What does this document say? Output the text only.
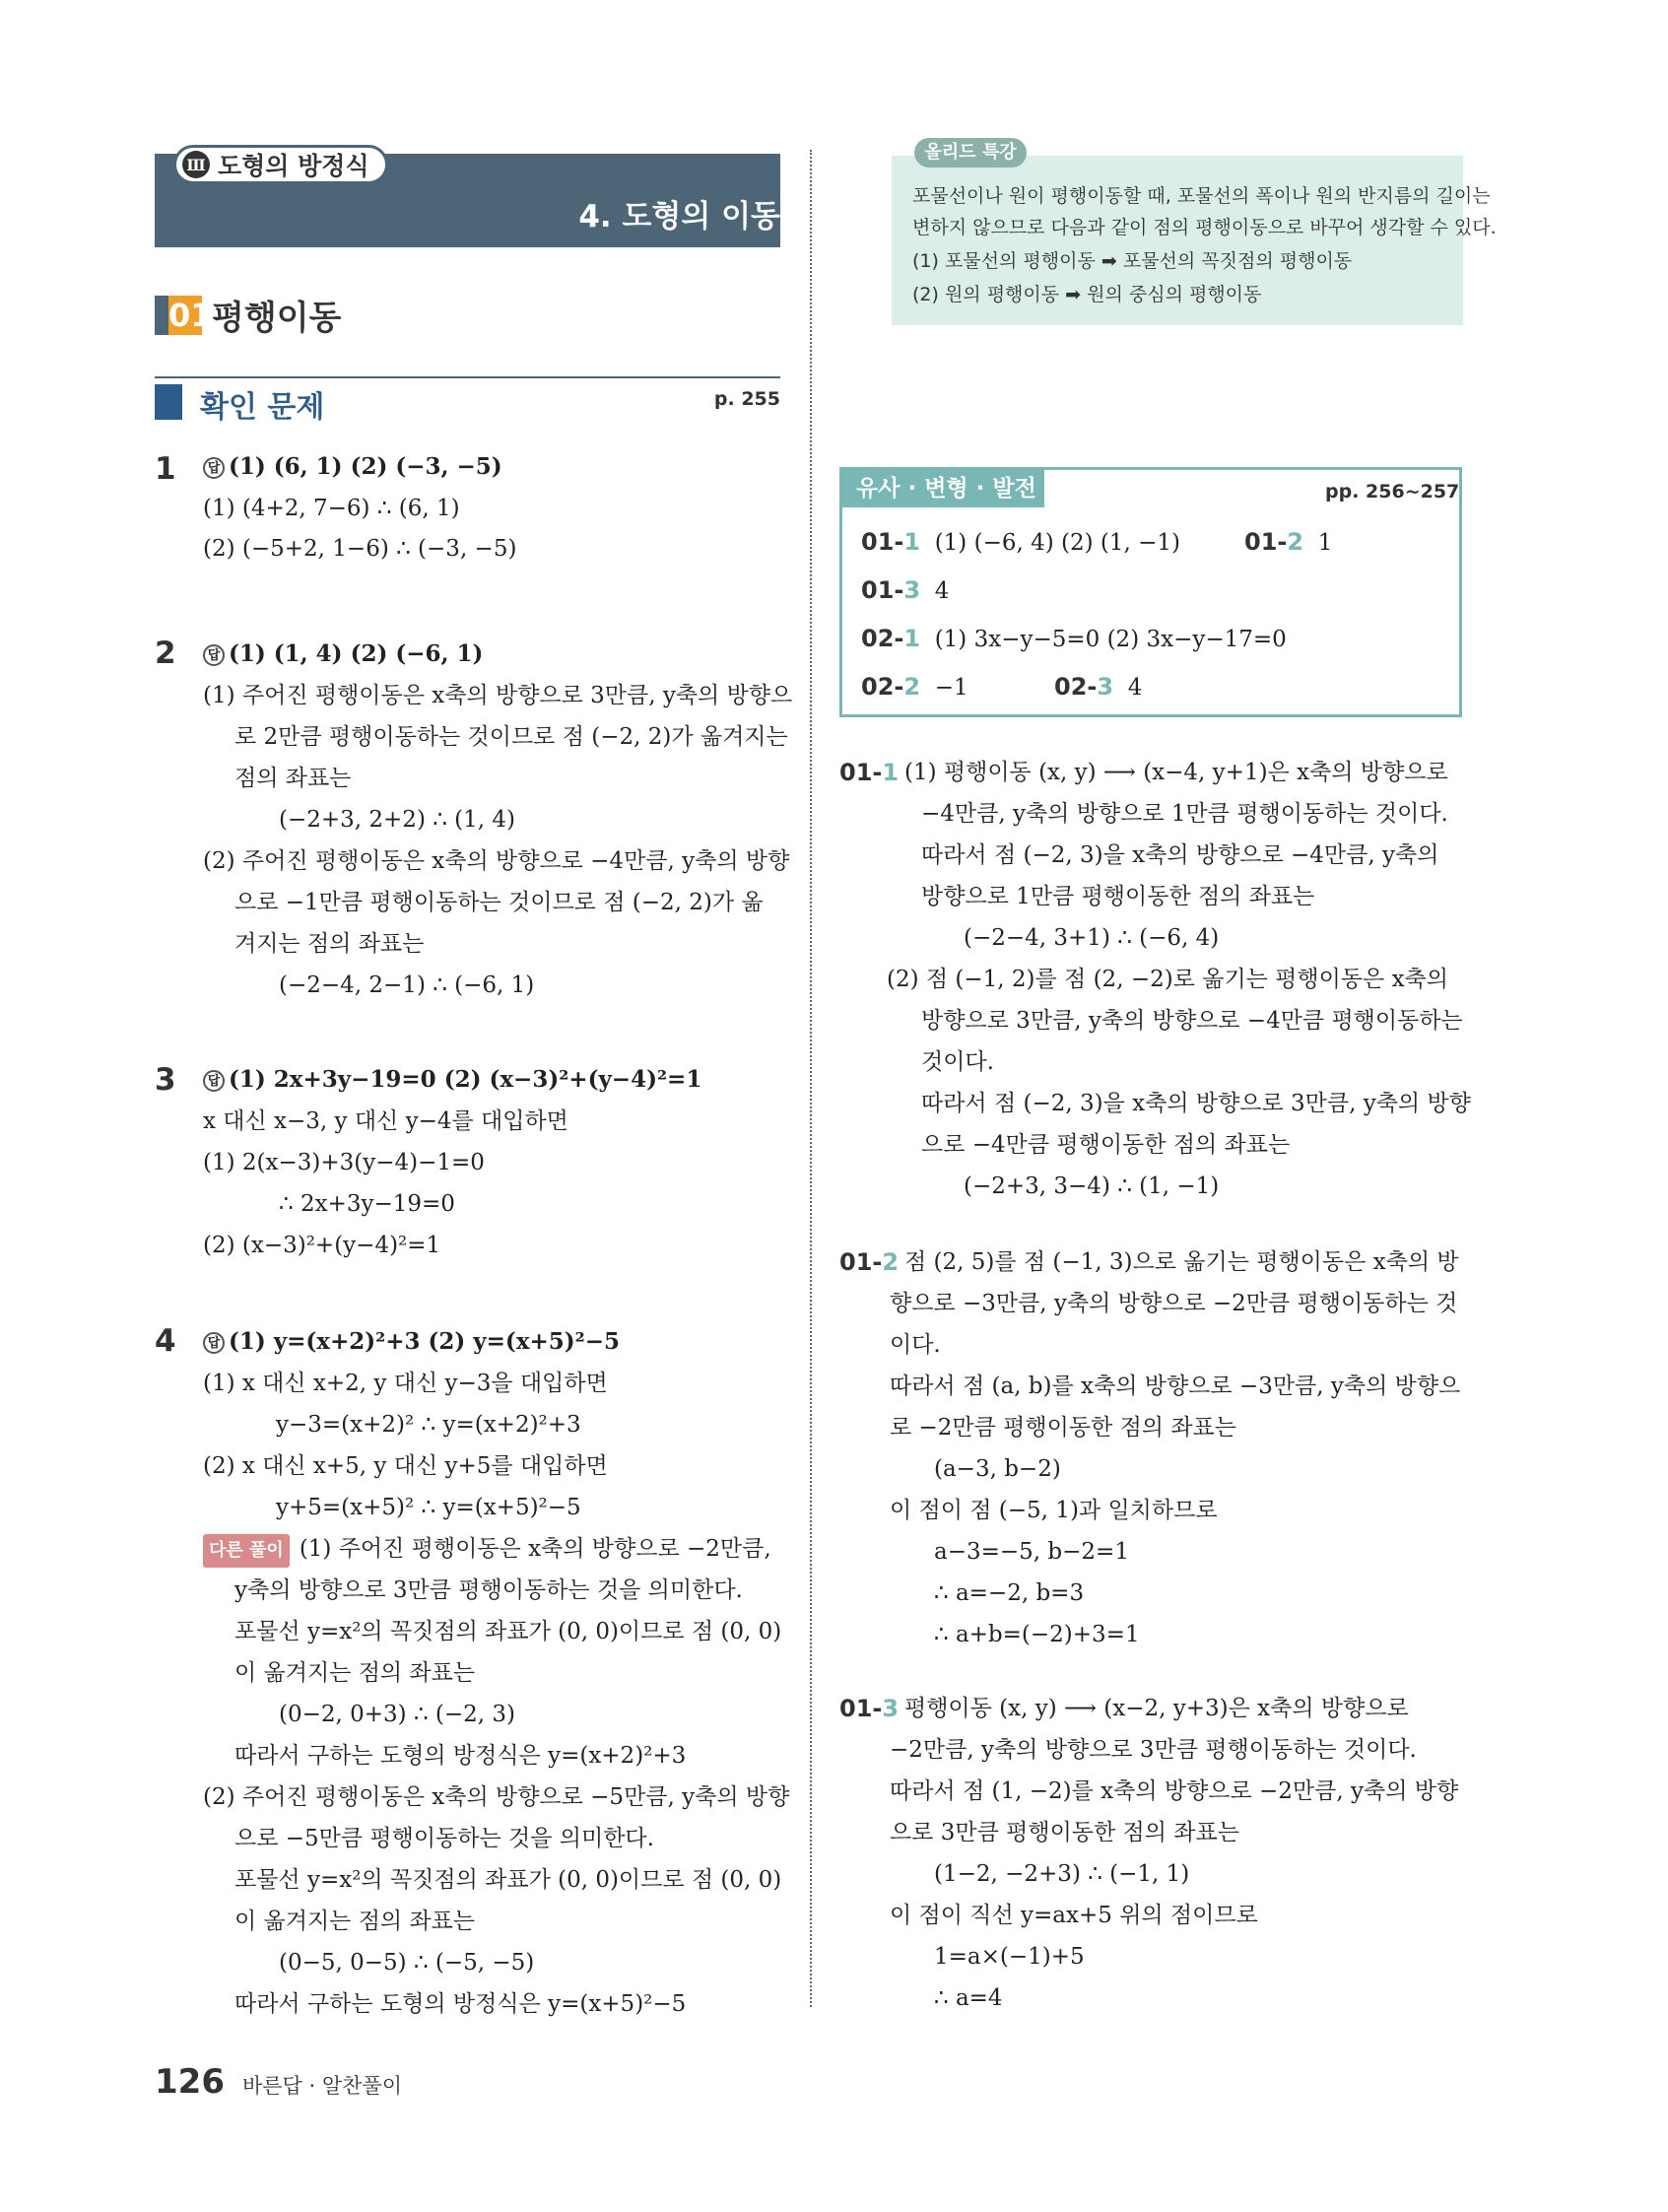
4. 도형의 이동
Ⅲ 도형의 방정식
01평행이동
확인 문제	p. 255
1	답 (1) (6, 1) (2) (−3, −5)
(1) (4+2, 7−6) ∴ (6, 1)
(2) (−5+2, 1−6) ∴ (−3, −5)
2	답 (1) (1, 4) (2) (−6, 1)
(1) 주어진 평행이동은 x축의 방향으로 3만큼, y축의 방향으
로 2만큼 평행이동하는 것이므로 점 (−2, 2)가 옮겨지는
점의 좌표는
(−2+3, 2+2) ∴ (1, 4)
(2) 주어진 평행이동은 x축의 방향으로 −4만큼, y축의 방향
으로 −1만큼 평행이동하는 것이므로 점 (−2, 2)가 옮
겨지는 점의 좌표는
(−2−4, 2−1) ∴ (−6, 1)
3	답 (1) 2x+3y−19=0 (2) (x−3)²+(y−4)²=1
x 대신 x−3, y 대신 y−4를 대입하면
(1) 2(x−3)+3(y−4)−1=0
∴ 2x+3y−19=0
(2) (x−3)²+(y−4)²=1
4	답 (1) y=(x+2)²+3 (2) y=(x+5)²−5
(1) x 대신 x+2, y 대신 y−3을 대입하면
y−3=(x+2)² ∴ y=(x+2)²+3
(2) x 대신 x+5, y 대신 y+5를 대입하면
y+5=(x+5)² ∴ y=(x+5)²−5
다른 풀이 (1) 주어진 평행이동은 x축의 방향으로 −2만큼,
y축의 방향으로 3만큼 평행이동하는 것을 의미한다.
포물선 y=x²의 꼭짓점의 좌표가 (0, 0)이므로 점 (0, 0)
이 옮겨지는 점의 좌표는
(0−2, 0+3) ∴ (−2, 3)
따라서 구하는 도형의 방정식은 y=(x+2)²+3
(2) 주어진 평행이동은 x축의 방향으로 −5만큼, y축의 방향
으로 −5만큼 평행이동하는 것을 의미한다.
포물선 y=x²의 꼭짓점의 좌표가 (0, 0)이므로 점 (0, 0)
이 옮겨지는 점의 좌표는
(0−5, 0−5) ∴ (−5, −5)
따라서 구하는 도형의 방정식은 y=(x+5)²−5
올리드 특강
포물선이나 원이 평행이동할 때, 포물선의 폭이나 원의 반지름의 길이는
변하지 않으므로 다음과 같이 점의 평행이동으로 바꾸어 생각할 수 있다.
(1) 포물선의 평행이동 ➡ 포물선의 꼭짓점의 평행이동
(2) 원의 평행이동 ➡ 원의 중심의 평행이동
유사 · 변형 · 발전	pp. 256~257
01-1 (1) (−6, 4) (2) (1, −1)	01-2 1
01-3 4
02-1 (1) 3x−y−5=0 (2) 3x−y−17=0
02-2 −1	02-3 4
01-1 (1) 평행이동 (x, y) ⟶ (x−4, y+1)은 x축의 방향으로
−4만큼, y축의 방향으로 1만큼 평행이동하는 것이다.
따라서 점 (−2, 3)을 x축의 방향으로 −4만큼, y축의
방향으로 1만큼 평행이동한 점의 좌표는
(−2−4, 3+1) ∴ (−6, 4)
(2) 점 (−1, 2)를 점 (2, −2)로 옮기는 평행이동은 x축의
방향으로 3만큼, y축의 방향으로 −4만큼 평행이동하는
것이다.
따라서 점 (−2, 3)을 x축의 방향으로 3만큼, y축의 방향
으로 −4만큼 평행이동한 점의 좌표는
(−2+3, 3−4) ∴ (1, −1)
01-2 점 (2, 5)를 점 (−1, 3)으로 옮기는 평행이동은 x축의 방
향으로 −3만큼, y축의 방향으로 −2만큼 평행이동하는 것
이다.
따라서 점 (a, b)를 x축의 방향으로 −3만큼, y축의 방향으
로 −2만큼 평행이동한 점의 좌표는
(a−3, b−2)
이 점이 점 (−5, 1)과 일치하므로
a−3=−5, b−2=1
∴ a=−2, b=3
∴ a+b=(−2)+3=1
01-3 평행이동 (x, y) ⟶ (x−2, y+3)은 x축의 방향으로
−2만큼, y축의 방향으로 3만큼 평행이동하는 것이다.
따라서 점 (1, −2)를 x축의 방향으로 −2만큼, y축의 방향
으로 3만큼 평행이동한 점의 좌표는
(1−2, −2+3) ∴ (−1, 1)
이 점이 직선 y=ax+5 위의 점이므로
1=a×(−1)+5
∴ a=4
126 바른답 · 알찬풀이
